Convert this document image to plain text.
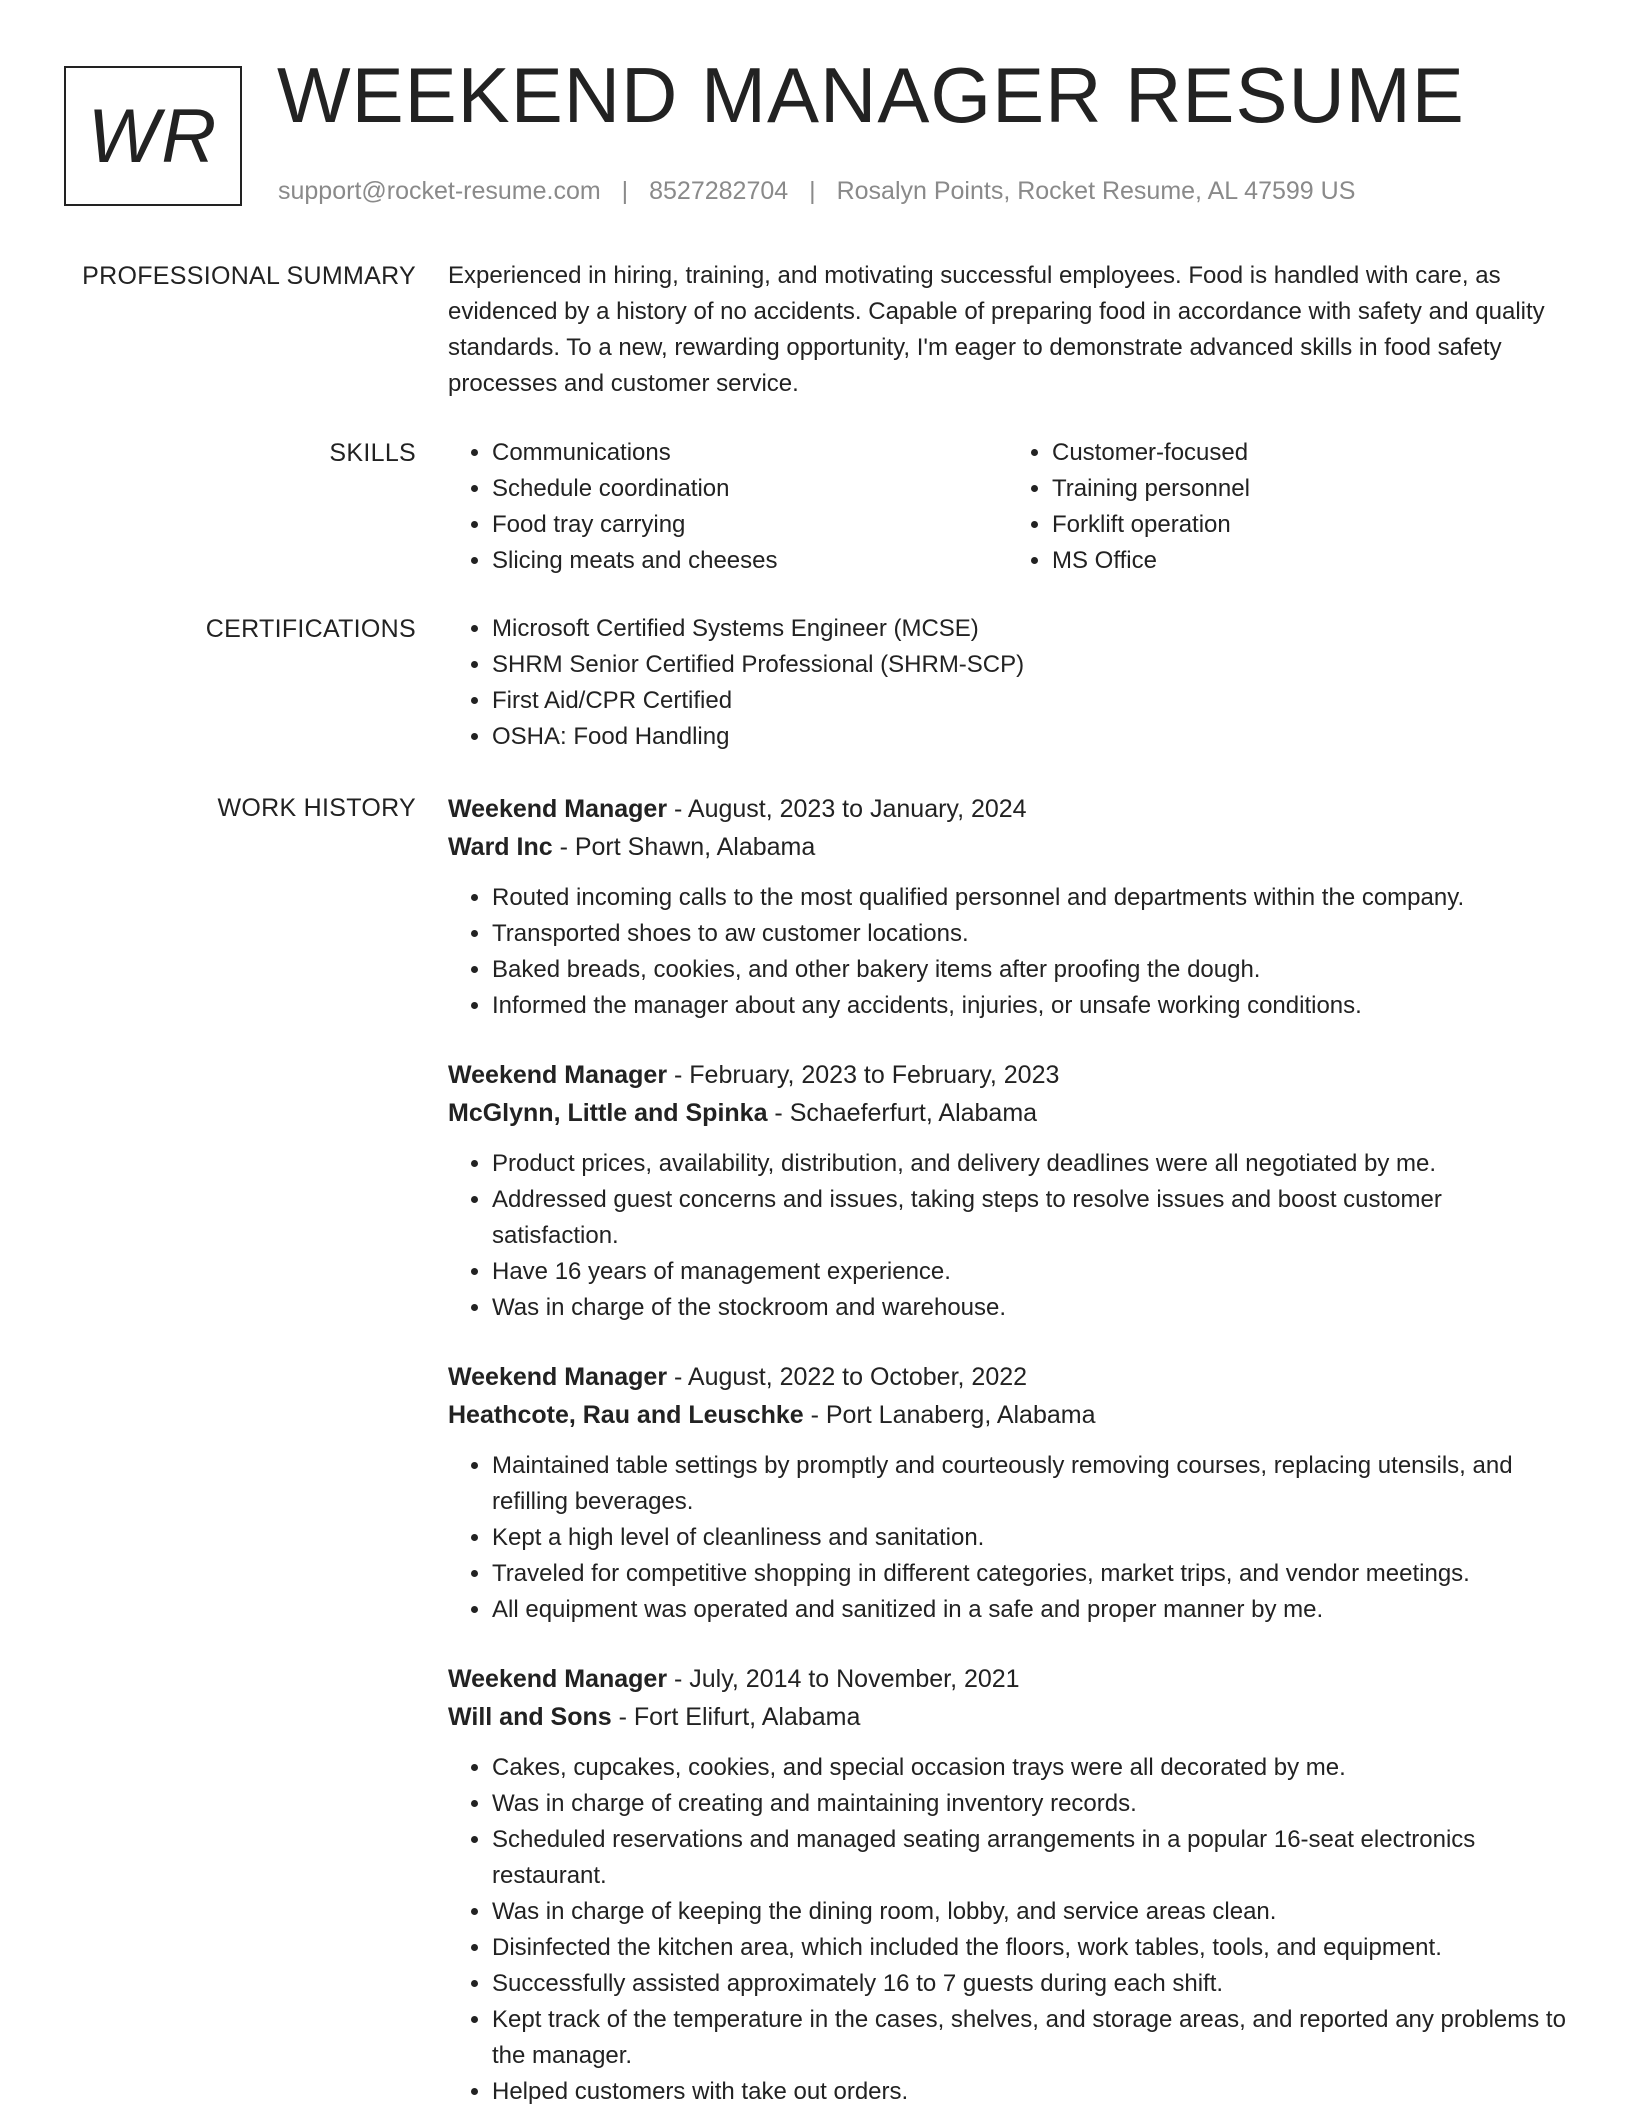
WR WEEKEND MANAGER RESUME
support@rocket-resume.com | 8527282704 | Rosalyn Points, Rocket Resume, AL 47599 US
PROFESSIONAL SUMMARY Experienced in hiring, training, and motivating successful employees. Food is handled with care, as evidenced by a history of no accidents. Capable of preparing food in accordance with safety and quality standards. To a new, rewarding opportunity, I'm eager to demonstrate advanced skills in food safety processes and customer service.

SKILLS	• Communications
• Schedule coordination
• Food tray carrying
• Slicing meats and cheeses
• Customer-focused
• Training personnel
• Forklift operation
• MS Office
CERTIFICATIONS	• Microsoft Certified Systems Engineer (MCSE)
• SHRM Senior Certified Professional (SHRM-SCP)
• First Aid/CPR Certified
• OSHA: Food Handling
WORK HISTORY Weekend Manager - August, 2023 to January, 2024
Ward Inc - Port Shawn, Alabama
• Routed incoming calls to the most qualified personnel and departments within the company.
• Transported shoes to aw customer locations.
• Baked breads, cookies, and other bakery items after proofing the dough.
• Informed the manager about any accidents, injuries, or unsafe working conditions.
Weekend Manager - February, 2023 to February, 2023
McGlynn, Little and Spinka - Schaeferfurt, Alabama
• Product prices, availability, distribution, and delivery deadlines were all negotiated by me.
• Addressed guest concerns and issues, taking steps to resolve issues and boost customer satisfaction.
• Have 16 years of management experience.
• Was in charge of the stockroom and warehouse.
Weekend Manager - August, 2022 to October, 2022
Heathcote, Rau and Leuschke - Port Lanaberg, Alabama
• Maintained table settings by promptly and courteously removing courses, replacing utensils, and refilling beverages.
• Kept a high level of cleanliness and sanitation.
• Traveled for competitive shopping in different categories, market trips, and vendor meetings.
• All equipment was operated and sanitized in a safe and proper manner by me.
Weekend Manager - July, 2014 to November, 2021
Will and Sons - Fort Elifurt, Alabama
• Cakes, cupcakes, cookies, and special occasion trays were all decorated by me.
• Was in charge of creating and maintaining inventory records.
• Scheduled reservations and managed seating arrangements in a popular 16-seat electronics restaurant.
• Was in charge of keeping the dining room, lobby, and service areas clean.
• Disinfected the kitchen area, which included the floors, work tables, tools, and equipment.
• Successfully assisted approximately 16 to 7 guests during each shift.
• Kept track of the temperature in the cases, shelves, and storage areas, and reported any problems to the manager.
• Helped customers with take out orders.
